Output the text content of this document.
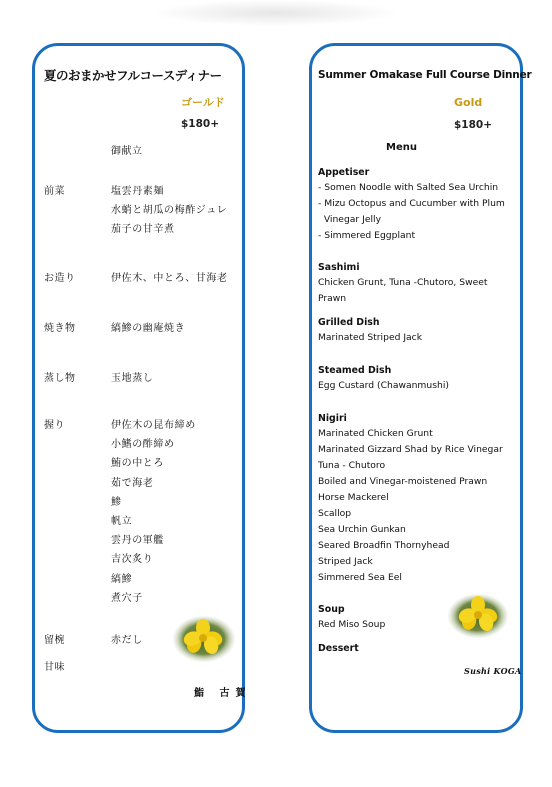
夏のおまかせフルコースディナー
ゴールド
$180+
御献立
前菜	塩雲丹素麺
水蛸と胡瓜の梅酢ジュレ
茄子の甘辛煮
お造り	伊佐木、中とろ、甘海老
焼き物	縞鯵の幽庵焼き
蒸し物	玉地蒸し
握り	伊佐木の昆布締め
小鰭の酢締め
鮪の中とろ
茹で海老
鯵
帆立
雲丹の軍艦
吉次炙り
縞鯵
煮穴子
留椀	赤だし
甘味
鮨 古賀
Summer Omakase Full Course Dinner
Gold
$180+
Menu
Appetiser
- Somen Noodle with Salted Sea Urchin
- Mizu Octopus and Cucumber with Plum
Vinegar Jelly
- Simmered Eggplant
Sashimi
Chicken Grunt, Tuna -Chutoro, Sweet
Prawn
Grilled Dish
Marinated Striped Jack
Steamed Dish
Egg Custard (Chawanmushi)
Nigiri
Marinated Chicken Grunt
Marinated Gizzard Shad by Rice Vinegar
Tuna - Chutoro
Boiled and Vinegar-moistened Prawn
Horse Mackerel
Scallop
Sea Urchin Gunkan
Seared Broadfin Thornyhead
Striped Jack
Simmered Sea Eel
Soup
Red Miso Soup
Dessert
Sushi KOGA
